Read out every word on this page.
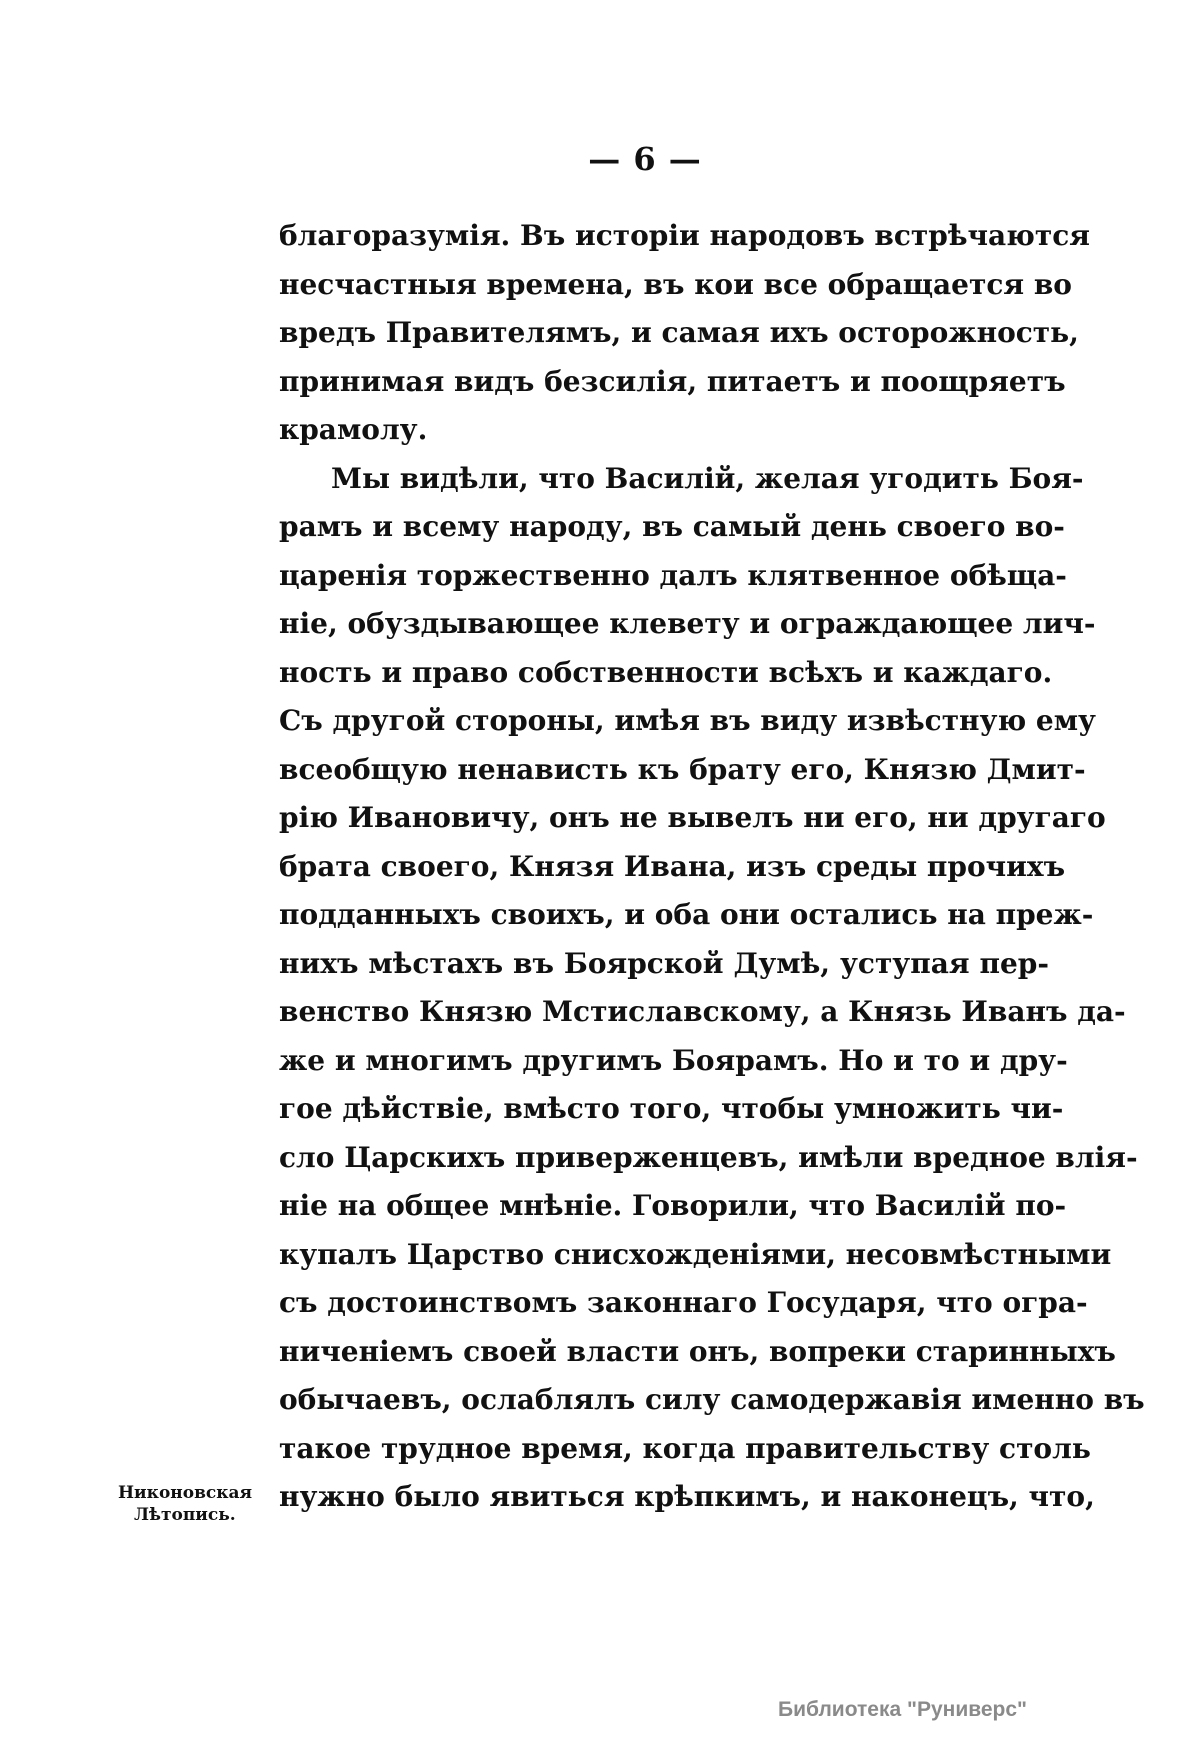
— 6 —
благоразумія. Въ исторіи народовъ встрѣчаются
несчастныя времена, въ кои все обращается во
вредъ Правителямъ, и самая ихъ осторожность,
принимая видъ безсилія, питаетъ и поощряетъ
крамолу.
Мы видѣли, что Василій, желая угодить Боя-
рамъ и всему народу, въ самый день своего во-
царенія торжественно далъ клятвенное обѣща-
ніе, обуздывающее клевету и ограждающее лич-
ность и право собственности всѣхъ и каждаго.
Съ другой стороны, имѣя въ виду извѣстную ему
всеобщую ненависть къ брату его, Князю Дмит-
рію Ивановичу, онъ не вывелъ ни его, ни другаго
брата своего, Князя Ивана, изъ среды прочихъ
подданныхъ своихъ, и оба они остались на преж-
нихъ мѣстахъ въ Боярской Думѣ, уступая пер-
венство Князю Мстиславскому, а Князь Иванъ да-
же и многимъ другимъ Боярамъ. Но и то и дру-
гое дѣйствіе, вмѣсто того, чтобы умножить чи-
сло Царскихъ приверженцевъ, имѣли вредное влія-
ніе на общее мнѣніе. Говорили, что Василій по-
купалъ Царство снисхожденіями, несовмѣстными
съ достоинствомъ законнаго Государя, что огра-
ниченіемъ своей власти онъ, вопреки старинныхъ
обычаевъ, ослаблялъ силу самодержавія именно въ
такое трудное время, когда правительству столь
нужно было явиться крѣпкимъ, и наконецъ, что,
Никоновская
Лѣтопись.
Библиотека "Руниверс"
